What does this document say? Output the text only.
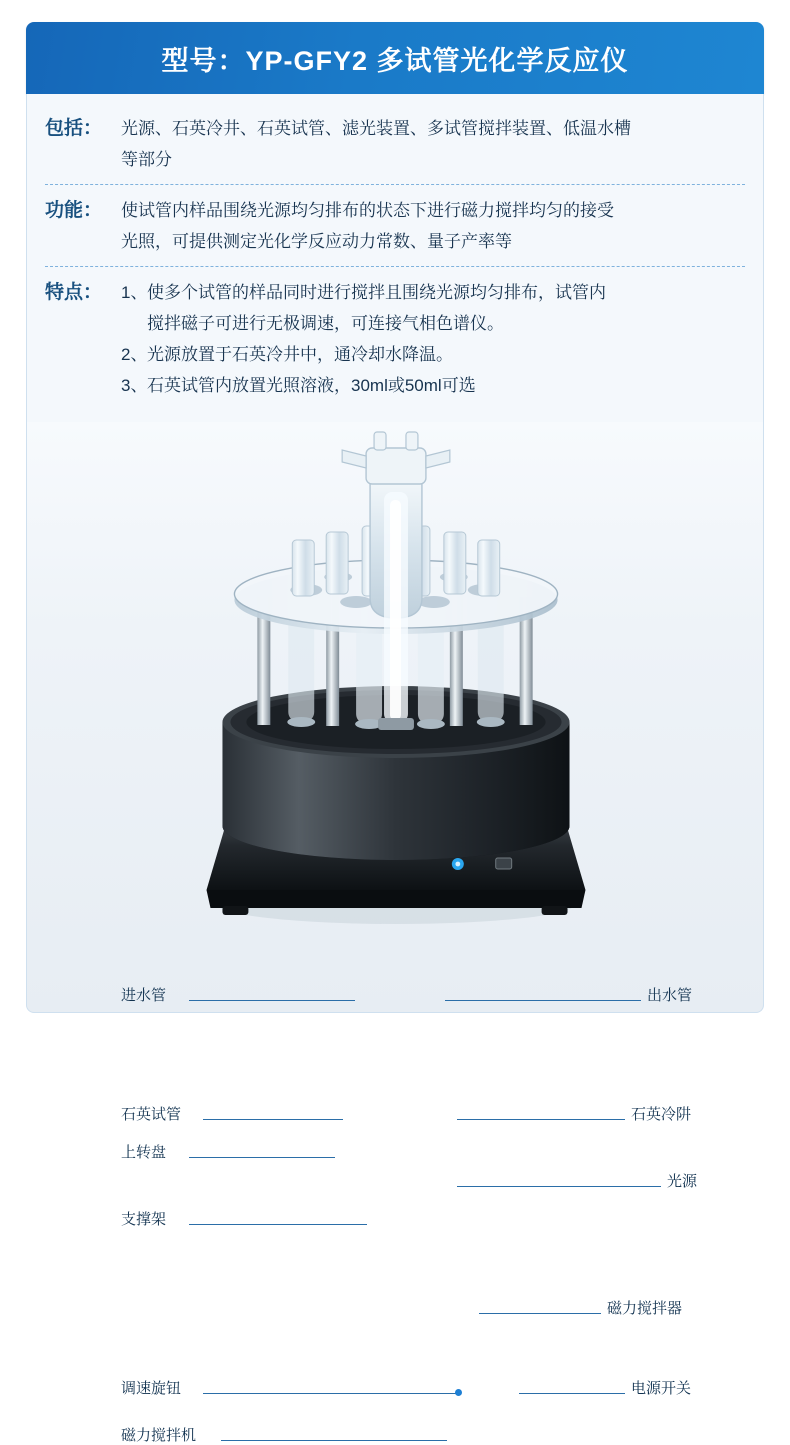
型号：YP-GFY2 多试管光化学反应仪
包括：	光源、石英冷井、石英试管、滤光装置、多试管搅拌装置、低温水槽
等部分
功能：	使试管内样品围绕光源均匀排布的状态下进行磁力搅拌均匀的接受
光照，可提供测定光化学反应动力常数、量子产率等
特点：	1、 使多个试管的样品同时进行搅拌且围绕光源均匀排布，试管内
搅拌磁子可进行无极调速，可连接气相色谱仪。
2、 光源放置于石英冷井中，通冷却水降温。
3、 石英试管内放置光照溶液，30ml或50ml可选
进水管
石英试管
上转盘
支撑架
调速旋钮
磁力搅拌机
出水管
石英冷阱
光源
磁力搅拌器
电源开关
